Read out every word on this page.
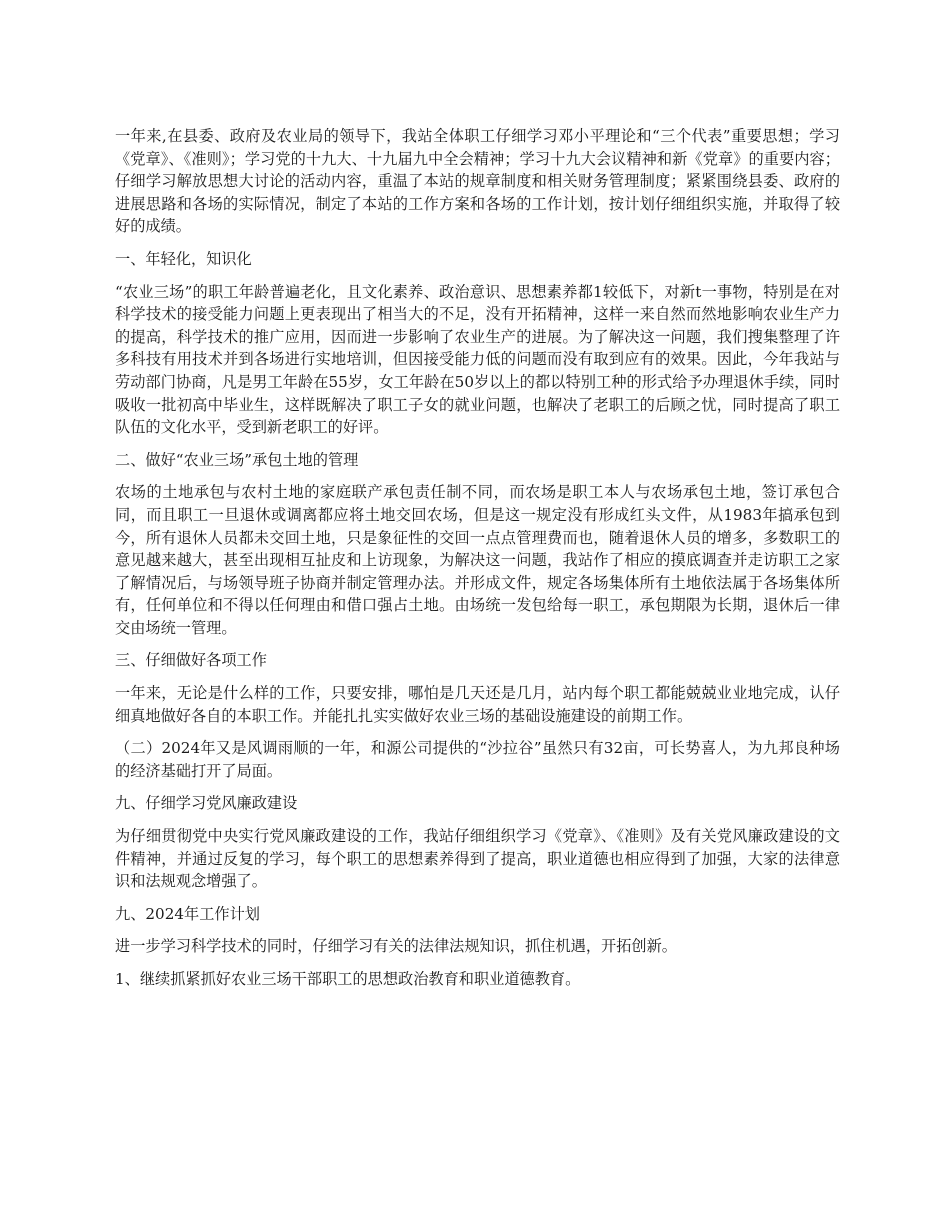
一年来,在县委、政府及农业局的领导下，我站全体职工仔细学习邓小平理论和“三个代表”重要思想；学习《党章》、《准则》；学习党的十九大、十九届九中全会精神；学习十九大会议精神和新《党章》的重要内容；仔细学习解放思想大讨论的活动内容，重温了本站的规章制度和相关财务管理制度；紧紧围绕县委、政府的进展思路和各场的实际情况，制定了本站的工作方案和各场的工作计划，按计划仔细组织实施，并取得了较好的成绩。

一、年轻化，知识化

“农业三场”的职工年龄普遍老化，且文化素养、政治意识、思想素养都1较低下，对新t一事物，特别是在对科学技术的接受能力问题上更表现出了相当大的不足，没有开拓精神，这样一来自然而然地影响农业生产力的提高，科学技术的推广应用，因而进一步影响了农业生产的进展。为了解决这一问题，我们搜集整理了许多科技有用技术并到各场进行实地培训，但因接受能力低的问题而没有取到应有的效果。因此，今年我站与劳动部门协商，凡是男工年龄在55岁，女工年龄在50岁以上的都以特别工种的形式给予办理退休手续，同时吸收一批初高中毕业生，这样既解决了职工子女的就业问题，也解决了老职工的后顾之忧，同时提高了职工队伍的文化水平，受到新老职工的好评。

二、做好“农业三场”承包土地的管理

农场的土地承包与农村土地的家庭联产承包责任制不同，而农场是职工本人与农场承包土地，签订承包合同，而且职工一旦退休或调离都应将土地交回农场，但是这一规定没有形成红头文件，从1983年搞承包到今，所有退休人员都未交回土地，只是象征性的交回一点点管理费而也，随着退休人员的增多，多数职工的意见越来越大，甚至出现相互扯皮和上访现象，为解决这一问题，我站作了相应的摸底调查并走访职工之家了解情况后，与场领导班子协商并制定管理办法。并形成文件，规定各场集体所有土地依法属于各场集体所有，任何单位和不得以任何理由和借口强占土地。由场统一发包给每一职工，承包期限为长期，退休后一律交由场统一管理。

三、仔细做好各项工作

一年来，无论是什么样的工作，只要安排，哪怕是几天还是几月，站内每个职工都能兢兢业业地完成，认仔细真地做好各自的本职工作。并能扎扎实实做好农业三场的基础设施建设的前期工作。

（二）2024年又是风调雨顺的一年，和源公司提供的“沙拉谷”虽然只有32亩，可长势喜人，为九邦良种场的经济基础打开了局面。

九、仔细学习党风廉政建设

为仔细贯彻党中央实行党风廉政建设的工作，我站仔细组织学习《党章》、《准则》及有关党风廉政建设的文件精神，并通过反复的学习，每个职工的思想素养得到了提高，职业道德也相应得到了加强，大家的法律意识和法规观念增强了。

九、2024年工作计划

进一步学习科学技术的同时，仔细学习有关的法律法规知识，抓住机遇，开拓创新。

1、继续抓紧抓好农业三场干部职工的思想政治教育和职业道德教育。
